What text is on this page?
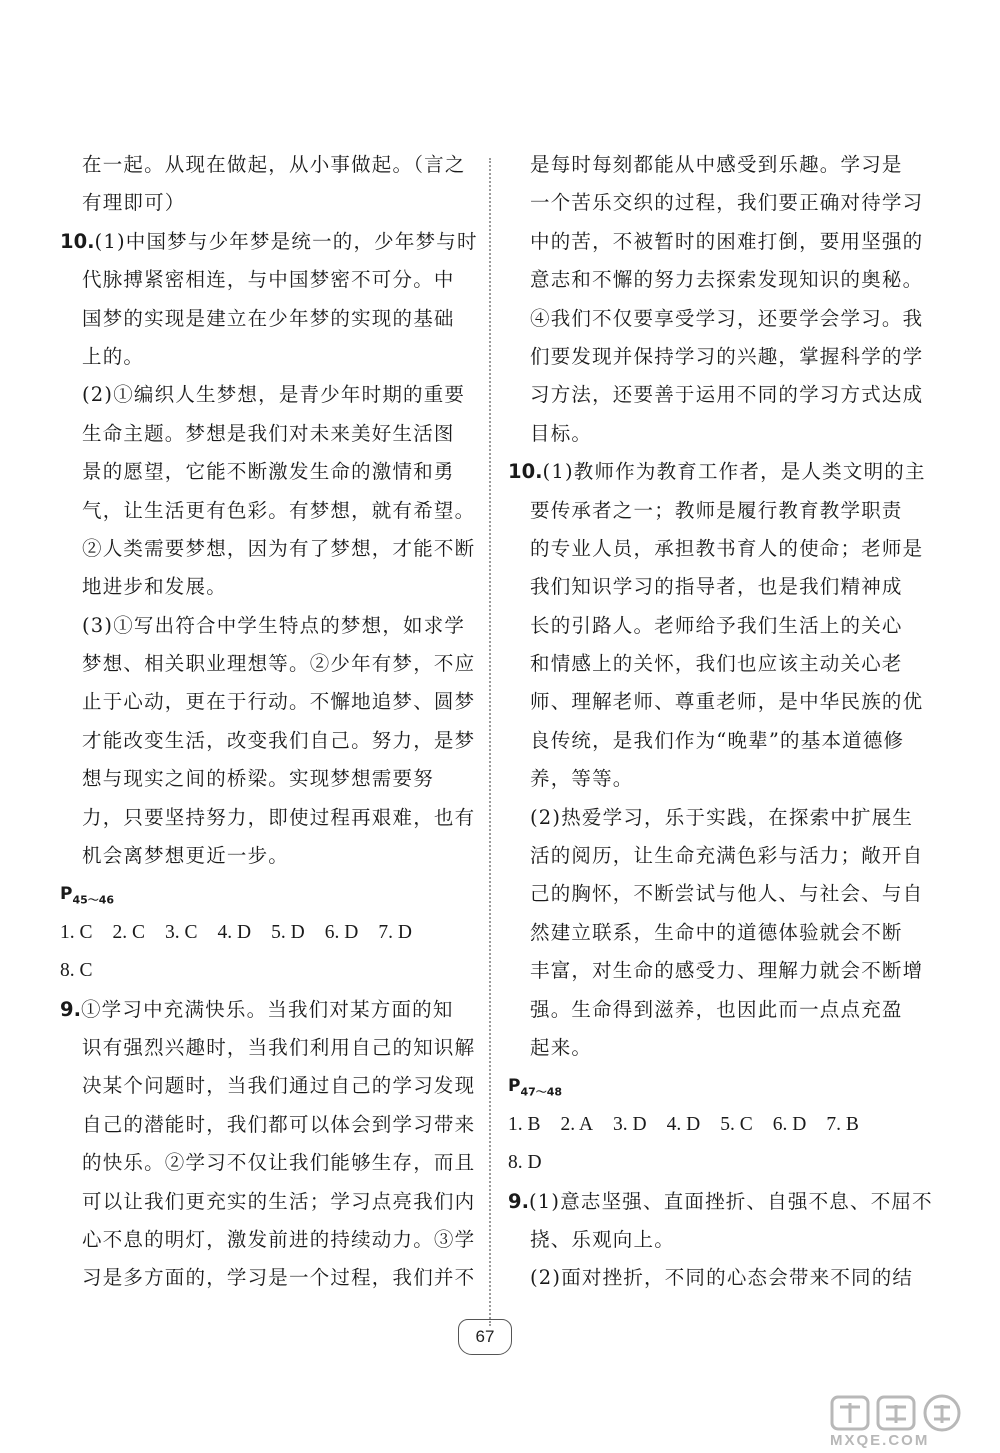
在一起。从现在做起，从小事做起。（言之
有理即可）
10.(1)中国梦与少年梦是统一的，少年梦与时
代脉搏紧密相连，与中国梦密不可分。中
国梦的实现是建立在少年梦的实现的基础
上的。
(2)①编织人生梦想，是青少年时期的重要
生命主题。梦想是我们对未来美好生活图
景的愿望，它能不断激发生命的激情和勇
气，让生活更有色彩。有梦想，就有希望。
②人类需要梦想，因为有了梦想，才能不断
地进步和发展。
(3)①写出符合中学生特点的梦想，如求学
梦想、相关职业理想等。②少年有梦，不应
止于心动，更在于行动。不懈地追梦、圆梦
才能改变生活，改变我们自己。努力，是梦
想与现实之间的桥梁。实现梦想需要努
力，只要坚持努力，即使过程再艰难，也有
机会离梦想更近一步。
$P_{45\sim 46}$
1. C 2. C 3. C 4. D 5. D 6. D 7. D
8. C
9.①学习中充满快乐。当我们对某方面的知
识有强烈兴趣时，当我们利用自己的知识解
决某个问题时，当我们通过自己的学习发现
自己的潜能时，我们都可以体会到学习带来
的快乐。②学习不仅让我们能够生存，而且
可以让我们更充实的生活；学习点亮我们内
心不息的明灯，激发前进的持续动力。③学
习是多方面的，学习是一个过程，我们并不
是每时每刻都能从中感受到乐趣。学习是
一个苦乐交织的过程，我们要正确对待学习
中的苦，不被暂时的困难打倒，要用坚强的
意志和不懈的努力去探索发现知识的奥秘。
④我们不仅要享受学习，还要学会学习。我
们要发现并保持学习的兴趣，掌握科学的学
习方法，还要善于运用不同的学习方式达成
目标。
10.(1)教师作为教育工作者，是人类文明的主
要传承者之一；教师是履行教育教学职责
的专业人员，承担教书育人的使命；老师是
我们知识学习的指导者，也是我们精神成
长的引路人。老师给予我们生活上的关心
和情感上的关怀，我们也应该主动关心老
师、理解老师、尊重老师，是中华民族的优
良传统，是我们作为“晚辈”的基本道德修
养，等等。
(2)热爱学习，乐于实践，在探索中扩展生
活的阅历，让生命充满色彩与活力；敞开自
己的胸怀，不断尝试与他人、与社会、与自
然建立联系，生命中的道德体验就会不断
丰富，对生命的感受力、理解力就会不断增
强。生命得到滋养，也因此而一点点充盈
起来。
$P_{47\sim 48}$
1. B 2. A 3. D 4. D 5. C 6. D 7. B
8. D
9.(1)意志坚强、直面挫折、自强不息、不屈不
挠、乐观向上。
(2)面对挫折，不同的心态会带来不同的结
67
MXQE.COM
